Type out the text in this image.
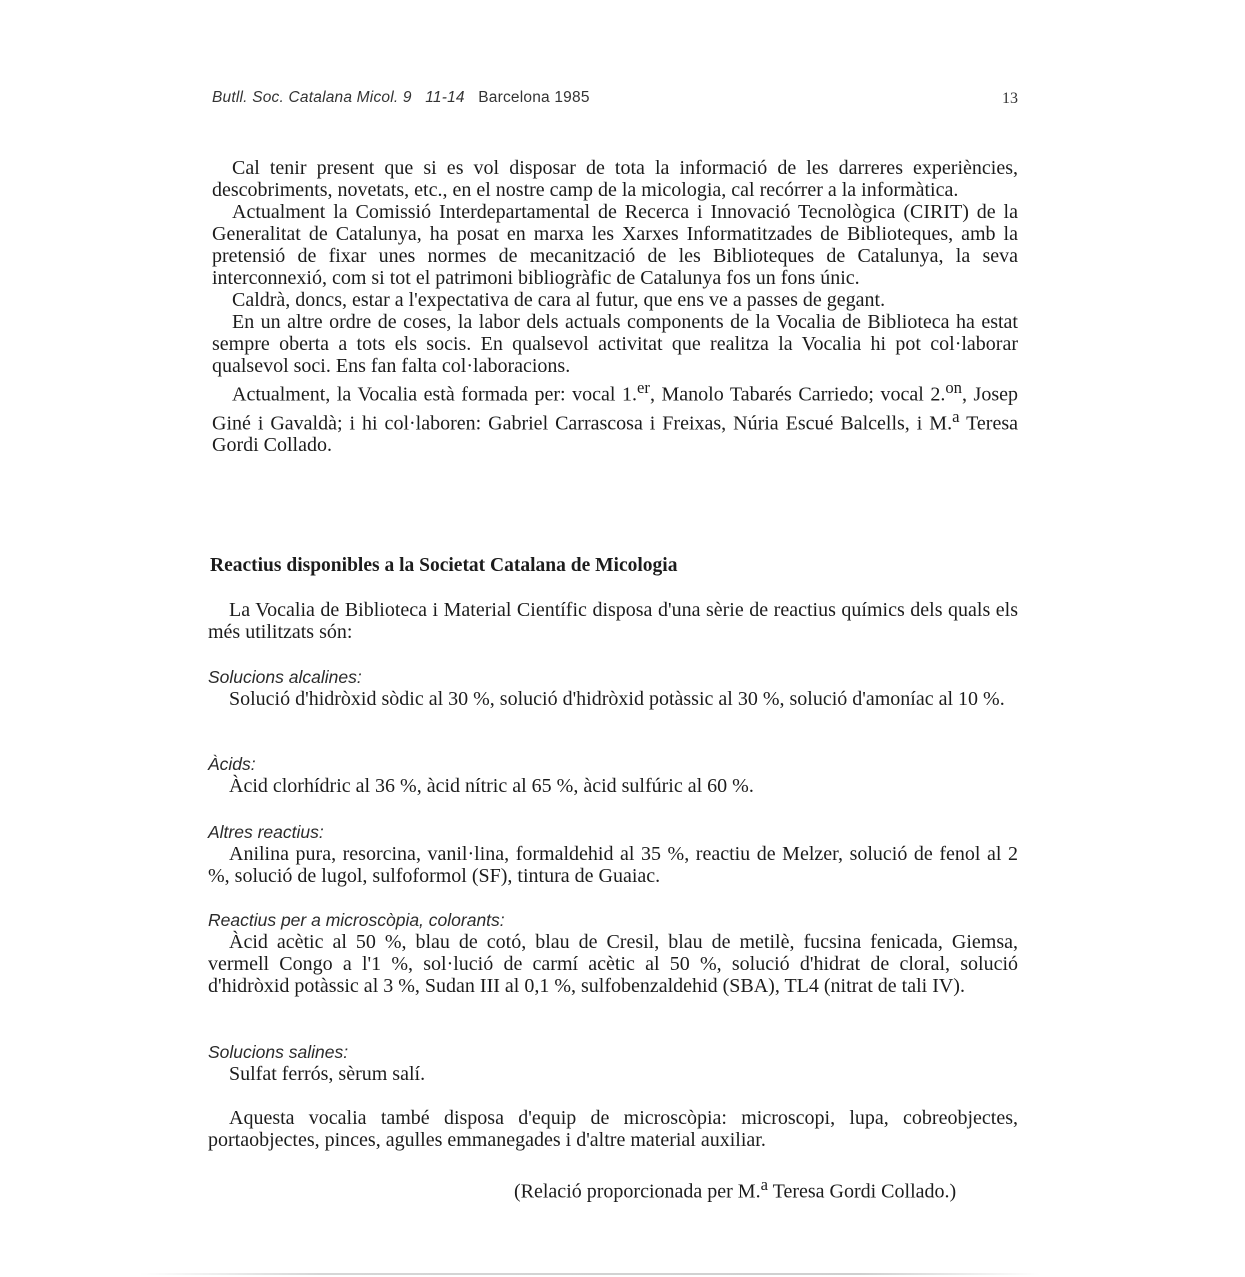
Butll. Soc. Catalana Micol. 9 11-14 Barcelona 1985	13

Cal tenir present que si es vol disposar de tota la informació de les darreres experiències, descobriments, novetats, etc., en el nostre camp de la micologia, cal recórrer a la informàtica.

Actualment la Comissió Interdepartamental de Recerca i Innovació Tecnològica (CIRIT) de la Generalitat de Catalunya, ha posat en marxa les Xarxes Informatitzades de Biblioteques, amb la pretensió de fixar unes normes de mecanització de les Biblioteques de Catalunya, la seva interconnexió, com si tot el patrimoni bibliogràfic de Catalunya fos un fons únic.

Caldrà, doncs, estar a l'expectativa de cara al futur, que ens ve a passes de gegant.

En un altre ordre de coses, la labor dels actuals components de la Vocalia de Biblioteca ha estat sempre oberta a tots els socis. En qualsevol activitat que realitza la Vocalia hi pot col·laborar qualsevol soci. Ens fan falta col·laboracions.

Actualment, la Vocalia està formada per: vocal 1.$^{er}$, Manolo Tabarés Carriedo; vocal 2.$^{on}$, Josep Giné i Gavaldà; i hi col·laboren: Gabriel Carrascosa i Freixas, Núria Escué Balcells, i M.$^a$ Teresa Gordi Collado.

Reactius disponibles a la Societat Catalana de Micologia

La Vocalia de Biblioteca i Material Científic disposa d'una sèrie de reactius químics dels quals els més utilitzats són:

Solucions alcalines:

Solució d'hidròxid sòdic al 30 %, solució d'hidròxid potàssic al 30 %, solució d'amoníac al 10 %.

Àcids:

Àcid clorhídric al 36 %, àcid nítric al 65 %, àcid sulfúric al 60 %.

Altres reactius:

Anilina pura, resorcina, vanil·lina, formaldehid al 35 %, reactiu de Melzer, solució de fenol al 2 %, solució de lugol, sulfoformol (SF), tintura de Guaiac.

Reactius per a microscòpia, colorants:

Àcid acètic al 50 %, blau de cotó, blau de Cresil, blau de metilè, fucsina fenicada, Giemsa, vermell Congo a l'1 %, sol·lució de carmí acètic al 50 %, solució d'hidrat de cloral, solució d'hidròxid potàssic al 3 %, Sudan III al 0,1 %, sulfobenzaldehid (SBA), TL4 (nitrat de tali IV).

Solucions salines:

Sulfat ferrós, sèrum salí.

Aquesta vocalia també disposa d'equip de microscòpia: microscopi, lupa, cobreobjectes, portaobjectes, pinces, agulles emmanegades i d'altre material auxiliar.

(Relació proporcionada per M.$^a$ Teresa Gordi Collado.)
